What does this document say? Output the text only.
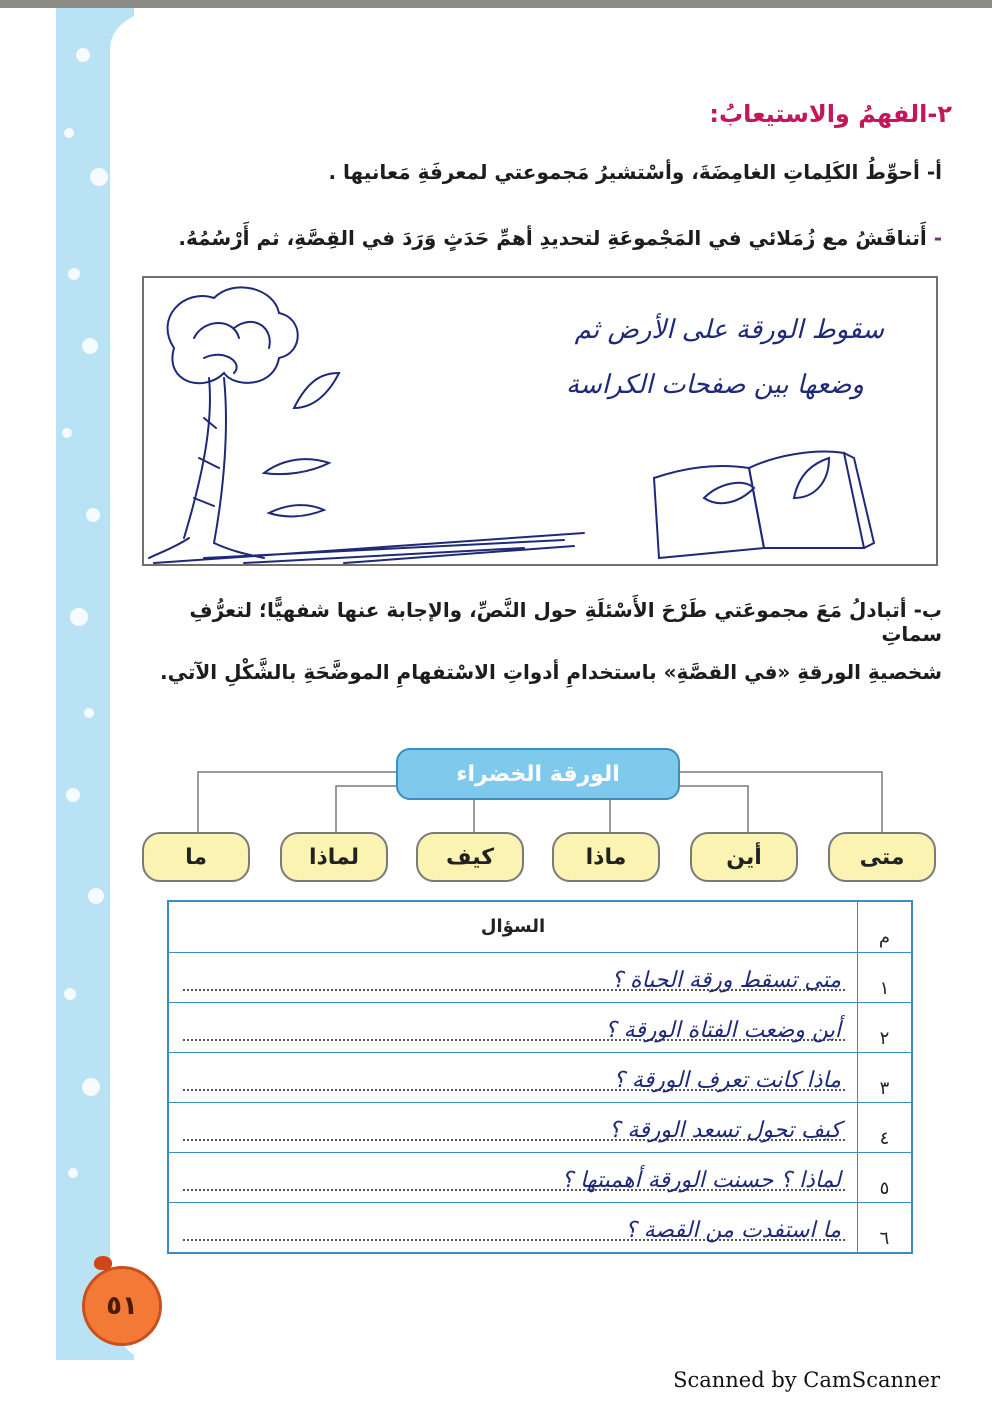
٢-الفهمُ والاستيعابُ:
أ- أحوِّطُ الكَلِماتِ الغامِضَةَ، وأسْتشيرُ مَجموعتي لمعرفَةِ مَعانيها .
- أَتناقَشُ مع زُمَلائي في المَجْموعَةِ لتحديدِ أهمِّ حَدَثٍ وَرَدَ في القِصَّةِ، ثم أَرْسُمُهُ.
سقوط الورقة على الأرض ثم
وضعها بين صفحات الكراسة
ب- أتبادلُ مَعَ مجموعَتي طَرْحَ الأَسْئلَةِ حول النَّصِّ، والإجابة عنها شفهيًّا؛ لتعرُّفِ سماتِ
شخصيةِ الورقةِ «في القصَّةِ» باستخدامِ أدواتِ الاسْتفهامِ الموضَّحَةِ بالشَّكْلِ الآتي.
الورقة الخضراء
متى
أين
ماذا
كيف
لماذا
ما
م
السؤال
١
متى تسقط ورقة الحياة ؟
٢
أين وضعت الفتاة الورقة ؟
٣
ماذا كانت تعرف الورقة ؟
٤
كيف تحول تسعد الورقة ؟
٥
لماذا ؟ حسنت الورقة أهميتها ؟
٦
ما استفدت من القصة ؟
٥١
Scanned by CamScanner
